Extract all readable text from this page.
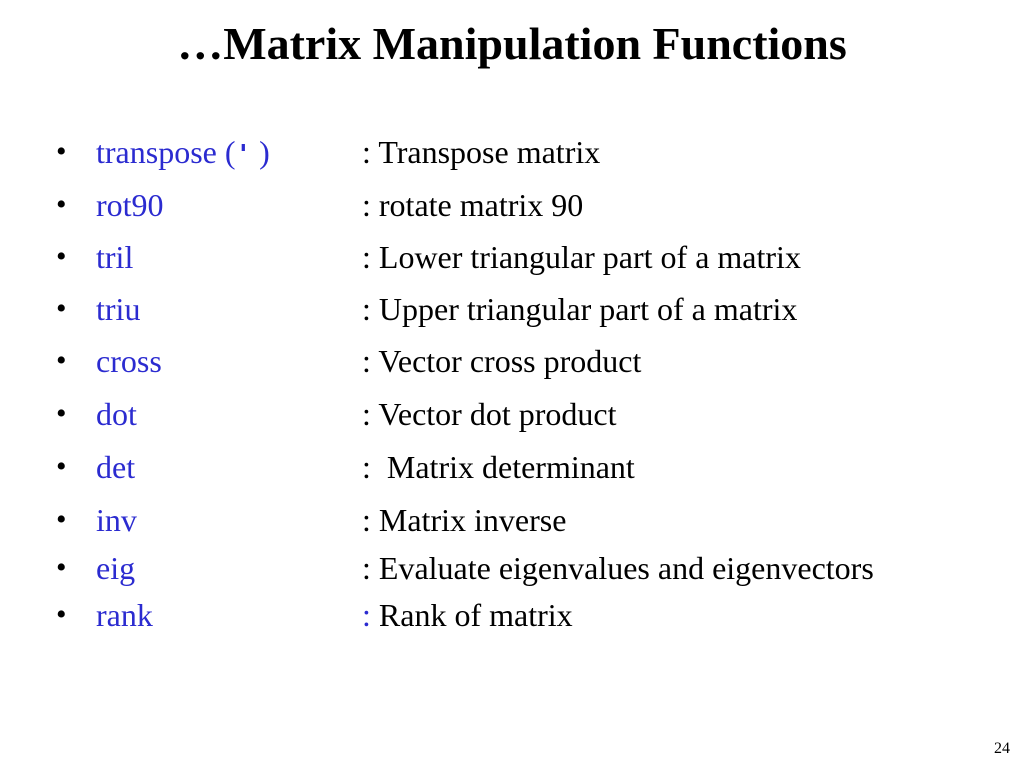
…Matrix Manipulation Functions
• transpose (' )	: Transpose matrix
• rot90	: rotate matrix 90
• tril	: Lower triangular part of a matrix
• triu	: Upper triangular part of a matrix
• cross	: Vector cross product
• dot	: Vector dot product
• det	:  Matrix determinant
• inv	: Matrix inverse
• eig	: Evaluate eigenvalues and eigenvectors
• rank	: Rank of matrix
24
